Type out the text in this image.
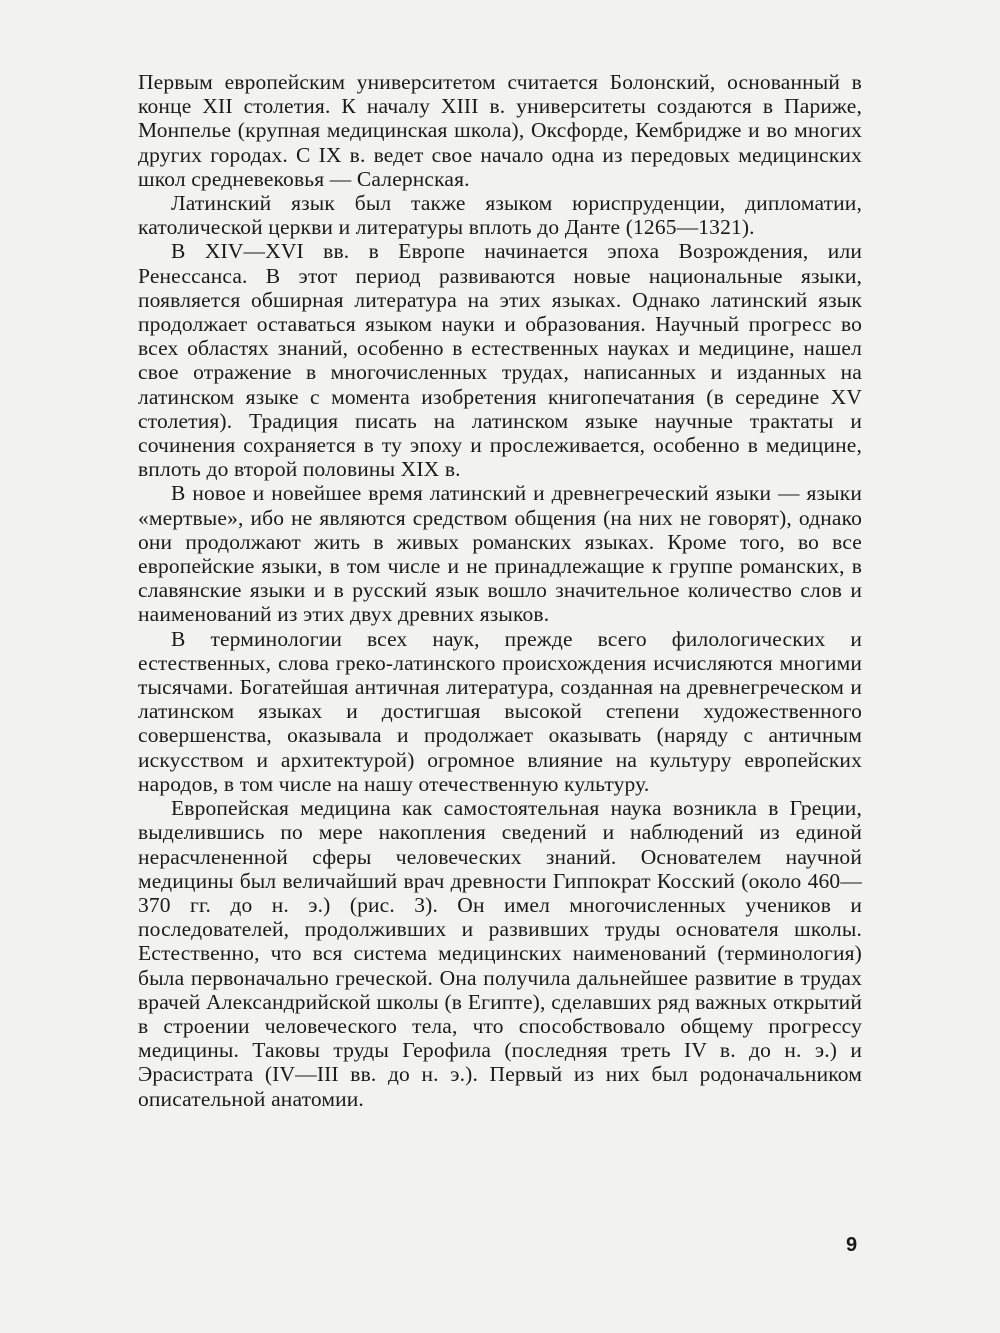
Первым европейским университетом считается Болонский, основанный в конце XII столетия. К началу XIII в. университеты создаются в Париже, Монпелье (крупная медицинская школа), Оксфорде, Кембридже и во многих других городах. С IX в. ведет свое начало одна из передовых медицинских школ средневековья — Салернская.

Латинский язык был также языком юриспруденции, дипломатии, католической церкви и литературы вплоть до Данте (1265—1321).

В XIV—XVI вв. в Европе начинается эпоха Возрождения, или Ренессанса. В этот период развиваются новые национальные языки, появляется обширная литература на этих языках. Однако латинский язык продолжает оставаться языком науки и образования. Научный прогресс во всех областях знаний, особенно в естественных науках и медицине, нашел свое отражение в многочисленных трудах, написанных и изданных на латинском языке с момента изобретения книгопечатания (в середине XV столетия). Традиция писать на латинском языке научные трактаты и сочинения сохраняется в ту эпоху и прослеживается, особенно в медицине, вплоть до второй половины XIX в.

В новое и новейшее время латинский и древнегреческий языки — языки «мертвые», ибо не являются средством общения (на них не говорят), однако они продолжают жить в живых романских языках. Кроме того, во все европейские языки, в том числе и не принадлежащие к группе романских, в славянские языки и в русский язык вошло значительное количество слов и наименований из этих двух древних языков.

В терминологии всех наук, прежде всего филологических и естественных, слова греко-латинского происхождения исчисляются многими тысячами. Богатейшая античная литература, созданная на древнегреческом и латинском языках и достигшая высокой степени художественного совершенства, оказывала и продолжает оказывать (наряду с античным искусством и архитектурой) огромное влияние на культуру европейских народов, в том числе на нашу отечественную культуру.

Европейская медицина как самостоятельная наука возникла в Греции, выделившись по мере накопления сведений и наблюдений из единой нерасчлененной сферы человеческих знаний. Основателем научной медицины был величайший врач древности Гиппократ Косский (около 460—370 гг. до н. э.) (рис. 3). Он имел многочисленных учеников и последователей, продолживших и развивших труды основателя школы. Естественно, что вся система медицинских наименований (терминология) была первоначально греческой. Она получила дальнейшее развитие в трудах врачей Александрийской школы (в Египте), сделавших ряд важных открытий в строении человеческого тела, что способствовало общему прогрессу медицины. Таковы труды Герофила (последняя треть IV в. до н. э.) и Эрасистрата (IV—III вв. до н. э.). Первый из них был родоначальником описательной анатомии.

9
